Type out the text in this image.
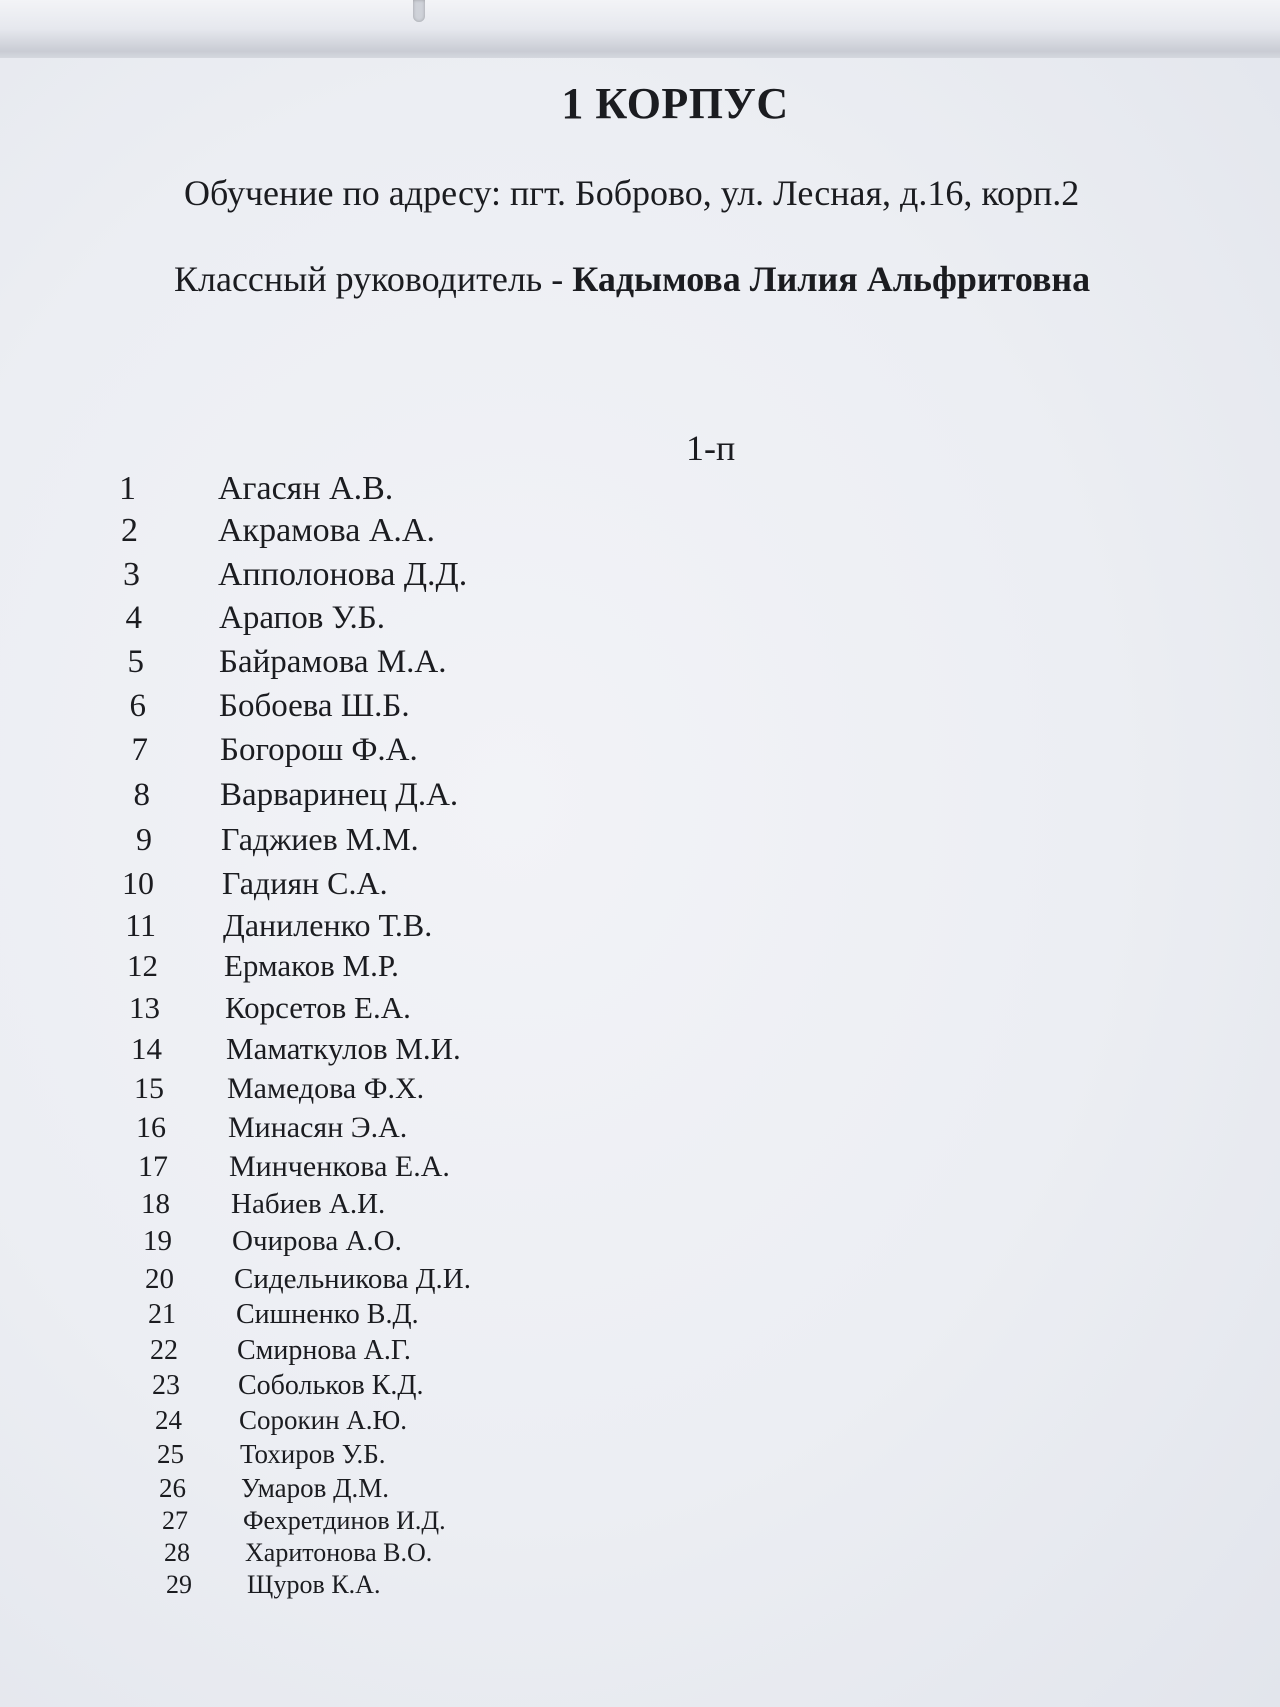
1 КОРПУС
Обучение по адресу: пгт. Боброво, ул. Лесная, д.16, корп.2
Классный руководитель - Кадымова Лилия Альфритовна
1-п
1 Агасян А.В.
2 Акрамова А.А.
3 Апполонова Д.Д.
4 Арапов У.Б.
5 Байрамова М.А.
6 Бобоева Ш.Б.
7 Богорош Ф.А.
8 Варваринец Д.А.
9 Гаджиев М.М.
10 Гадиян С.А.
11 Даниленко Т.В.
12 Ермаков М.Р.
13 Корсетов Е.А.
14 Маматкулов М.И.
15 Мамедова Ф.Х.
16 Минасян Э.А.
17 Минченкова Е.А.
18 Набиев А.И.
19 Очирова А.О.
20 Сидельникова Д.И.
21 Сишненко В.Д.
22 Смирнова А.Г.
23 Собольков К.Д.
24 Сорокин А.Ю.
25 Тохиров У.Б.
26 Умаров Д.М.
27 Фехретдинов И.Д.
28 Харитонова В.О.
29 Щуров К.А.
